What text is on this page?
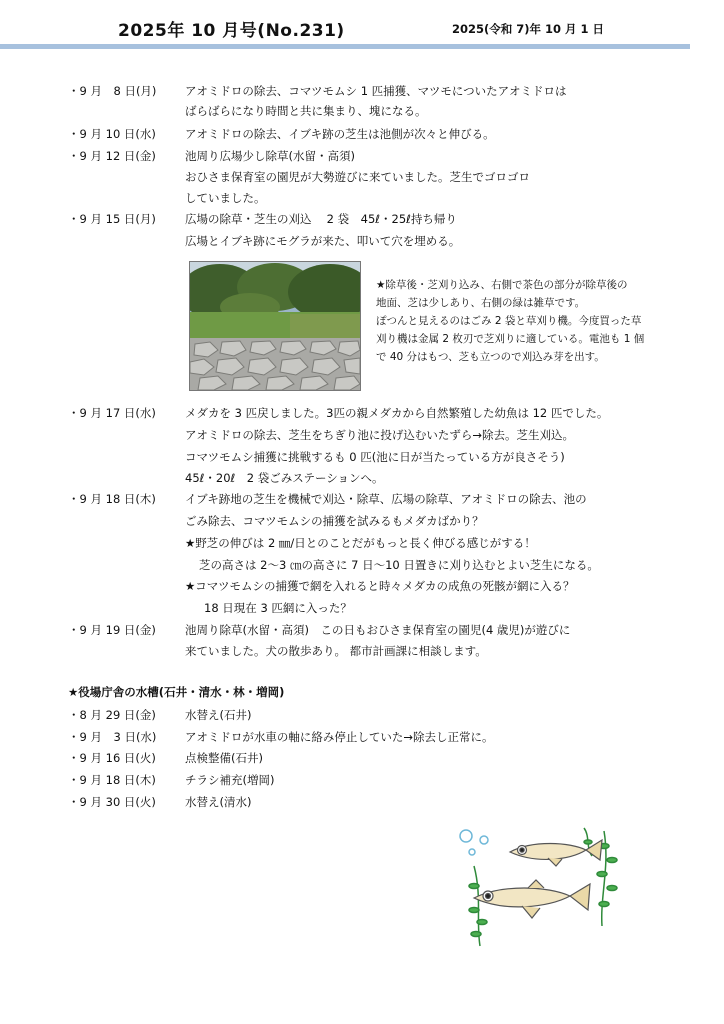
2025年 10 月号(No.231)	2025(令和 7)年 10 月 1 日
・9 月　8 日(月) アオミドロの除去、コマツモムシ 1 匹捕獲、マツモについたアオミドロは
ばらばらになり時間と共に集まり、塊になる。
・9 月 10 日(水)	アオミドロの除去、イブキ跡の芝生は池側が次々と伸びる。
・9 月 12 日(金)	池周り広場少し除草(水留・高須)
おひさま保育室の園児が大勢遊びに来ていました。芝生でゴロゴロ
していました。
・9 月 15 日(月)	広場の除草・芝生の刈込　 2 袋　45ℓ・25ℓ持ち帰り
広場とイブキ跡にモグラが来た、叩いて穴を埋める。
★除草後・芝刈り込み、右側で茶色の部分が除草後の
地面、芝は少しあり、右側の緑は雑草です。
ぽつんと見えるのはごみ 2 袋と草刈り機。今度買った草
刈り機は金属 2 枚刃で芝刈りに適している。電池も 1 個
で 40 分はもつ、芝も立つので刈込み芽を出す。
・9 月 17 日(水)	メダカを 3 匹戻しました。3匹の親メダカから自然繁殖した幼魚は 12 匹でした。
アオミドロの除去、芝生をちぎり池に投げ込むいたずら→除去。芝生刈込。
コマツモムシ捕獲に挑戦するも 0 匹(池に日が当たっている方が良さそう)
45ℓ・20ℓ　2 袋ごみステーションへ。
・9 月 18 日(木)	イブキ跡地の芝生を機械で刈込・除草、広場の除草、アオミドロの除去、池の
ごみ除去、コマツモムシの捕獲を試みるもメダカばかり？
★野芝の伸びは 2 ㎜/日とのことだがもっと長く伸びる感じがする！
芝の高さは 2～3 ㎝の高さに 7 日～10 日置きに刈り込むとよい芝生になる。
★コマツモムシの捕獲で網を入れると時々メダカの成魚の死骸が網に入る？
18 日現在 3 匹網に入った？
・9 月 19 日(金)	池周り除草(水留・高須)　この日もおひさま保育室の園児(4 歳児)が遊びに
来ていました。犬の散歩あり。 都市計画課に相談します。
★役場庁舎の水槽(石井・清水・林・増岡)
・8 月 29 日(金)	水替え(石井)
・9 月　3 日(水) アオミドロが水車の軸に絡み停止していた→除去し正常に。
・9 月 16 日(火)	点検整備(石井)
・9 月 18 日(木)	チラシ補充(増岡)
・9 月 30 日(火)	水替え(清水)
